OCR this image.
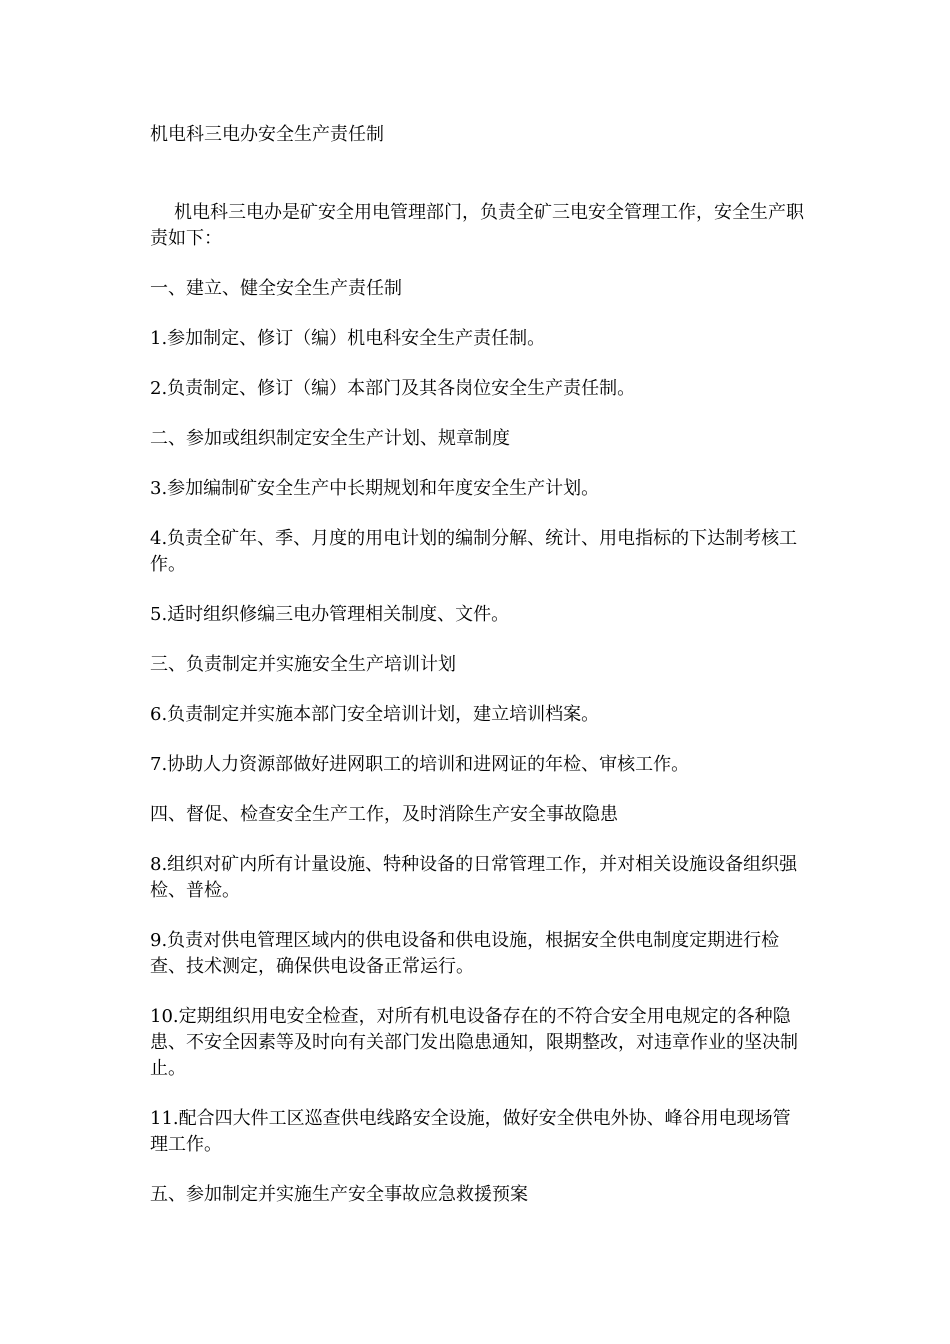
机电科三电办安全生产责任制

机电科三电办是矿安全用电管理部门，负责全矿三电安全管理工作，安全生产职责如下：

一、建立、健全安全生产责任制

1.参加制定、修订（编）机电科安全生产责任制。

2.负责制定、修订（编）本部门及其各岗位安全生产责任制。

二、参加或组织制定安全生产计划、规章制度

3.参加编制矿安全生产中长期规划和年度安全生产计划。

4.负责全矿年、季、月度的用电计划的编制分解、统计、用电指标的下达制考核工作。

5.适时组织修编三电办管理相关制度、文件。

三、负责制定并实施安全生产培训计划

6.负责制定并实施本部门安全培训计划，建立培训档案。

7.协助人力资源部做好进网职工的培训和进网证的年检、审核工作。

四、督促、检查安全生产工作，及时消除生产安全事故隐患

8.组织对矿内所有计量设施、特种设备的日常管理工作，并对相关设施设备组织强检、普检。

9.负责对供电管理区域内的供电设备和供电设施，根据安全供电制度定期进行检查、技术测定，确保供电设备正常运行。

10.定期组织用电安全检查，对所有机电设备存在的不符合安全用电规定的各种隐患、不安全因素等及时向有关部门发出隐患通知，限期整改，对违章作业的坚决制止。

11.配合四大件工区巡查供电线路安全设施，做好安全供电外协、峰谷用电现场管理工作。

五、参加制定并实施生产安全事故应急救援预案
